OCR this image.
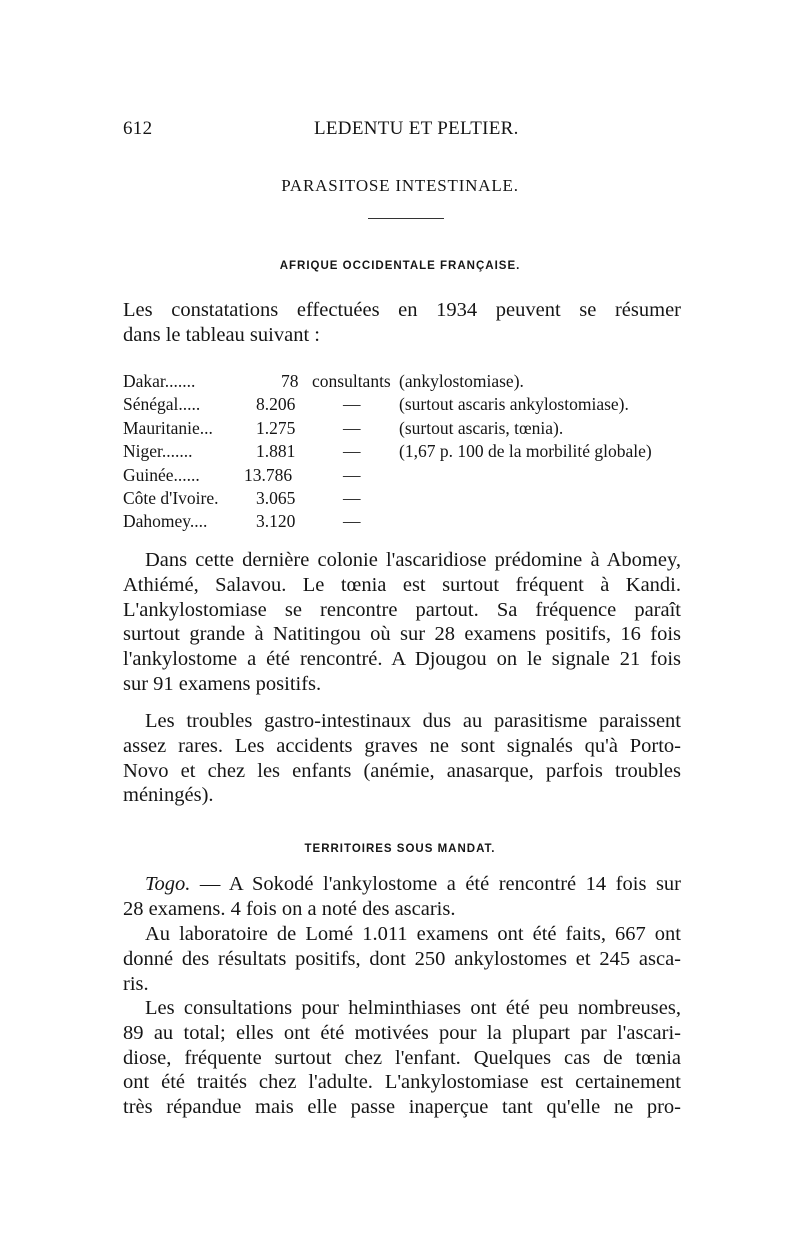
612	LEDENTU ET PELTIER.
PARASITOSE INTESTINALE.
AFRIQUE OCCIDENTALE FRANÇAISE.
Les constatations effectuées en 1934 peuvent se résumer
dans le tableau suivant :
Dakar.......	78 consultants (ankylostomiase).
Sénégal.....	8.206	— (surtout ascaris ankylostomiase).
Mauritanie... 1.275	— (surtout ascaris, tœnia).
Niger.......	1.881	— (1,67 p. 100 de la morbilité globale)
Guinée......	13.786	—
Côte d'Ivoire. 3.065	—
Dahomey....	3.120	—
Dans cette dernière colonie l'ascaridiose prédomine à Abomey,
Athiémé, Salavou. Le tœnia est surtout fréquent à Kandi.
L'ankylostomiase se rencontre partout. Sa fréquence paraît
surtout grande à Natitingou où sur 28 examens positifs, 16 fois
l'ankylostome a été rencontré. A Djougou on le signale 21 fois
sur 91 examens positifs.
Les troubles gastro-intestinaux dus au parasitisme paraissent
assez rares. Les accidents graves ne sont signalés qu'à Porto-
Novo et chez les enfants (anémie, anasarque, parfois troubles
méningés).
TERRITOIRES SOUS MANDAT.
Togo. — A Sokodé l'ankylostome a été rencontré 14 fois sur
28 examens. 4 fois on a noté des ascaris.
Au laboratoire de Lomé 1.011 examens ont été faits, 667 ont
donné des résultats positifs, dont 250 ankylostomes et 245 asca-
ris.
Les consultations pour helminthiases ont été peu nombreuses,
89 au total; elles ont été motivées pour la plupart par l'ascari-
diose, fréquente surtout chez l'enfant. Quelques cas de tœnia
ont été traités chez l'adulte. L'ankylostomiase est certainement
très répandue mais elle passe inaperçue tant qu'elle ne pro-
